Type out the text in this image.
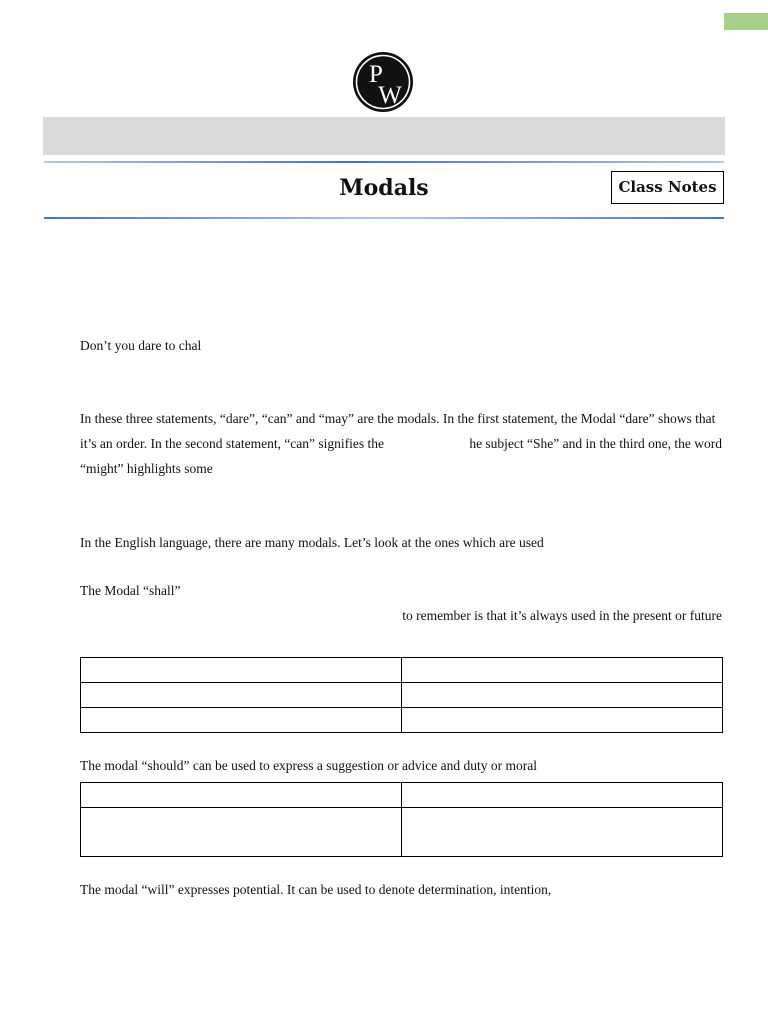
P
W
Modals	Class Notes

Don’t you dare to chal

In these three statements, “dare”, “can” and “may” are the modals. In the first statement, the Modal “dare” shows that

it’s an order. In the second statement, “can” signifies the	he subject “She” and in the third one, the word

“might” highlights some

In the English language, there are many modals. Let’s look at the ones which are used

The Modal “shall”

to remember is that it’s always used in the present or future

The modal “should” can be used to express a suggestion or advice and duty or moral

The modal “will” expresses potential. It can be used to denote determination, intention,
